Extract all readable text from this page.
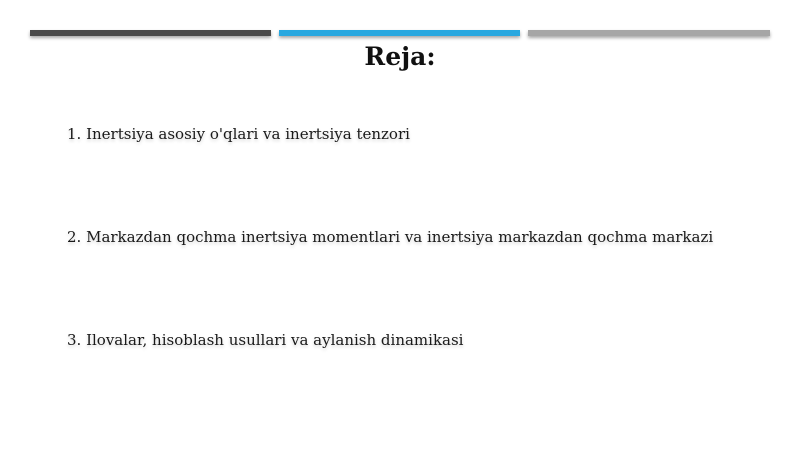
Reja:
1. Inertsiya asosiy o'qlari va inertsiya tenzori
2. Markazdan qochma inertsiya momentlari va inertsiya markazdan qochma markazi
3. Ilovalar, hisoblash usullari va aylanish dinamikasi
